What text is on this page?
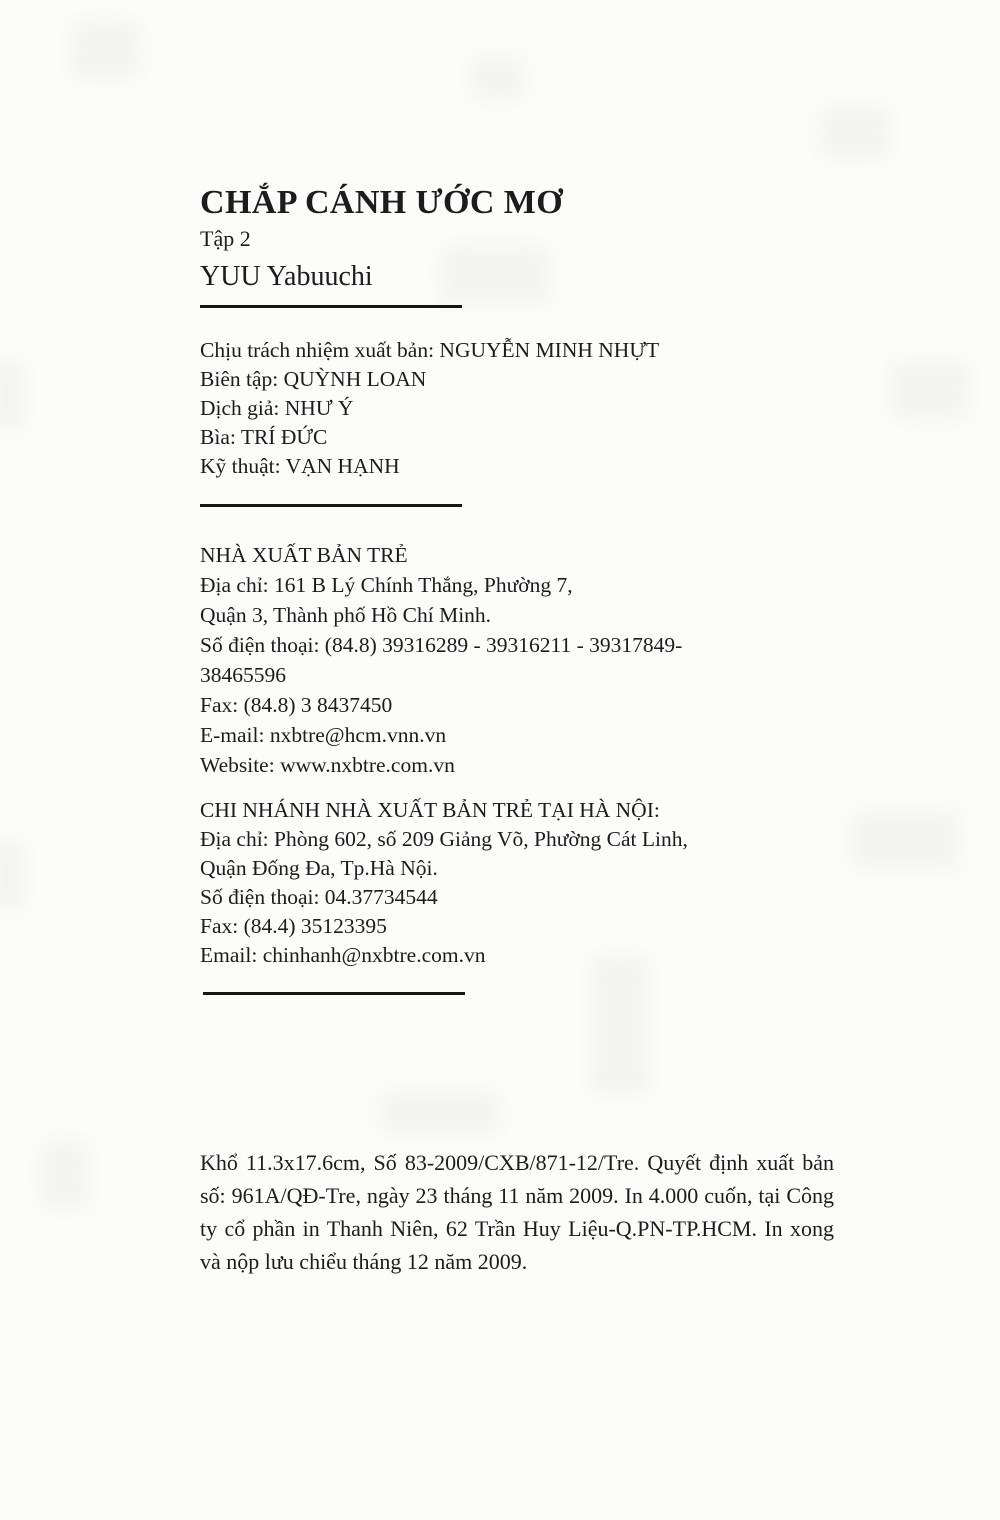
CHẮP CÁNH ƯỚC MƠ
Tập 2
YUU Yabuuchi
Chịu trách nhiệm xuất bản: NGUYỄN MINH NHỰT
Biên tập: QUỲNH LOAN
Dịch giả: NHƯ Ý
Bìa: TRÍ ĐỨC
Kỹ thuật: VẠN HẠNH
NHÀ XUẤT BẢN TRẺ
Địa chỉ: 161 B Lý Chính Thắng, Phường 7,
Quận 3, Thành phố Hồ Chí Minh.
Số điện thoại: (84.8) 39316289 - 39316211 - 39317849-
38465596
Fax: (84.8) 3 8437450
E-mail: nxbtre@hcm.vnn.vn
Website: www.nxbtre.com.vn
CHI NHÁNH NHÀ XUẤT BẢN TRẺ TẠI HÀ NỘI:
Địa chỉ: Phòng 602, số 209 Giảng Võ, Phường Cát Linh,
Quận Đống Đa, Tp.Hà Nội.
Số điện thoại: 04.37734544
Fax: (84.4) 35123395
Email: chinhanh@nxbtre.com.vn
Khổ 11.3x17.6cm, Số 83-2009/CXB/871-12/Tre. Quyết định xuất bản
số: 961A/QĐ-Tre, ngày 23 tháng 11 năm 2009. In 4.000 cuốn, tại Công
ty cổ phần in Thanh Niên, 62 Trần Huy Liệu-Q.PN-TP.HCM. In xong
và nộp lưu chiểu tháng 12 năm 2009.
